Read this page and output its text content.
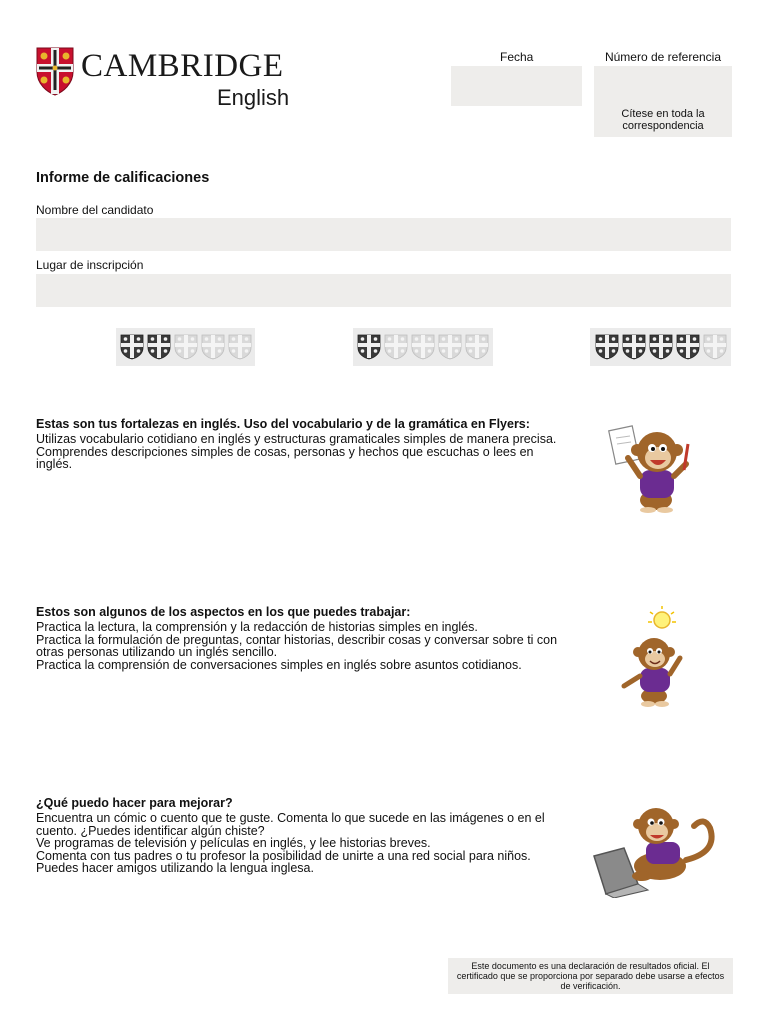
CAMBRIDGE
English
Fecha	Número de referencia
Cítese en toda la correspondencia
Informe de calificaciones
Nombre del candidato
Lugar de inscripción
Estas son tus fortalezas en inglés. Uso del vocabulario y de la gramática en Flyers:
Utilizas vocabulario cotidiano en inglés y estructuras gramaticales simples de manera precisa.
Comprendes descripciones simples de cosas, personas y hechos que escuchas o lees en
inglés.
Estos son algunos de los aspectos en los que puedes trabajar:
Practica la lectura, la comprensión y la redacción de historias simples en inglés.
Practica la formulación de preguntas, contar historias, describir cosas y conversar sobre ti con
otras personas utilizando un inglés sencillo.
Practica la comprensión de conversaciones simples en inglés sobre asuntos cotidianos.
¿Qué puedo hacer para mejorar?
Encuentra un cómic o cuento que te guste. Comenta lo que sucede en las imágenes o en el
cuento. ¿Puedes identificar algún chiste?
Ve programas de televisión y películas en inglés, y lee historias breves.
Comenta con tus padres o tu profesor la posibilidad de unirte a una red social para niños.
Puedes hacer amigos utilizando la lengua inglesa.
Este documento es una declaración de resultados oficial. El certificado que se proporciona por separado debe usarse a efectos de verificación.
